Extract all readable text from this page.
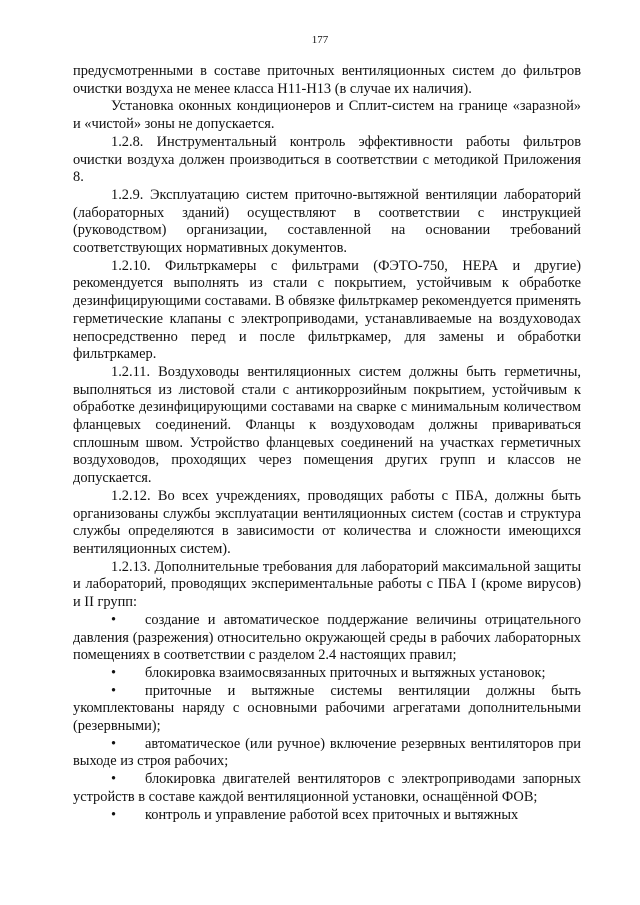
177

предусмотренными в составе приточных вентиляционных систем до фильтров очистки воздуха не менее класса Н11-Н13 (в случае их наличия).

Установка оконных кондиционеров и Сплит-систем на границе «заразной» и «чистой» зоны не допускается.

1.2.8. Инструментальный контроль эффективности работы фильтров очистки воздуха должен производиться в соответствии с методикой Приложения 8.

1.2.9. Эксплуатацию систем приточно-вытяжной вентиляции лабораторий (лабораторных зданий) осуществляют в соответствии с инструкцией (руководством) организации, составленной на основании требований соответствующих нормативных документов.

1.2.10. Фильтркамеры с фильтрами (ФЭТО-750, НЕРА и другие) рекомендуется выполнять из стали с покрытием, устойчивым к обработке дезинфицирующими составами. В обвязке фильтркамер рекомендуется применять герметические клапаны с электроприводами, устанавливаемые на воздуховодах непосредственно перед и после фильтркамер, для замены и обработки фильтркамер.

1.2.11. Воздуховоды вентиляционных систем должны быть герметичны, выполняться из листовой стали с антикоррозийным покрытием, устойчивым к обработке дезинфицирующими составами на сварке с минимальным количеством фланцевых соединений. Фланцы к воздуховодам должны привариваться сплошным швом. Устройство фланцевых соединений на участках герметичных воздуховодов, проходящих через помещения других групп и классов не допускается.

1.2.12. Во всех учреждениях, проводящих работы с ПБА, должны быть организованы службы эксплуатации вентиляционных систем (состав и структура службы определяются в зависимости от количества и сложности имеющихся вентиляционных систем).

1.2.13. Дополнительные требования для лабораторий максимальной защиты и лабораторий, проводящих экспериментальные работы с ПБА I (кроме вирусов) и II групп:

• создание и автоматическое поддержание величины отрицательного давления (разрежения) относительно окружающей среды в рабочих лабораторных помещениях в соответствии с разделом 2.4 настоящих правил;

• блокировка взаимосвязанных приточных и вытяжных установок;

• приточные и вытяжные системы вентиляции должны быть укомплектованы наряду с основными рабочими агрегатами дополнительными (резервными);

• автоматическое (или ручное) включение резервных вентиляторов при выходе из строя рабочих;

• блокировка двигателей вентиляторов с электроприводами запорных устройств в составе каждой вентиляционной установки, оснащённой ФОВ;

• контроль и управление работой всех приточных и вытяжных
